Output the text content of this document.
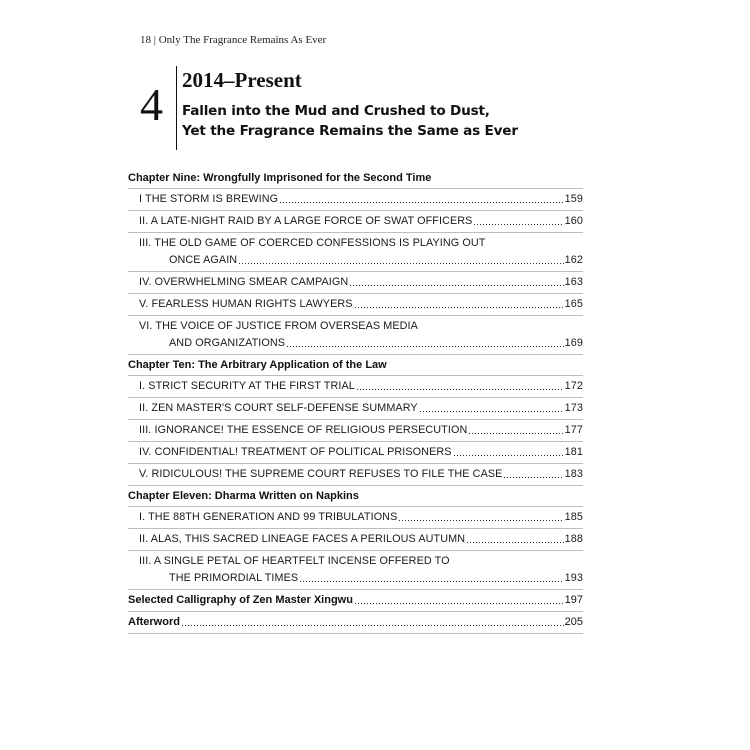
18 | Only The Fragrance Remains As Ever
4 2014–Present
Fallen into the Mud and Crushed to Dust,
Yet the Fragrance Remains the Same as Ever
Chapter Nine: Wrongfully Imprisoned for the Second Time
I THE STORM IS BREWING	159
II. A LATE-NIGHT RAID BY A LARGE FORCE OF SWAT OFFICERS	160
III. THE OLD GAME OF COERCED CONFESSIONS IS PLAYING OUT
ONCE AGAIN	162
IV. OVERWHELMING SMEAR CAMPAIGN	163
V. FEARLESS HUMAN RIGHTS LAWYERS	165
VI. THE VOICE OF JUSTICE FROM OVERSEAS MEDIA
AND ORGANIZATIONS	169
Chapter Ten: The Arbitrary Application of the Law
I. STRICT SECURITY AT THE FIRST TRIAL	172
II. ZEN MASTER'S COURT SELF-DEFENSE SUMMARY	173
III. IGNORANCE! THE ESSENCE OF RELIGIOUS PERSECUTION	177
IV. CONFIDENTIAL! TREATMENT OF POLITICAL PRISONERS	181
V. RIDICULOUS! THE SUPREME COURT REFUSES TO FILE THE CASE	183
Chapter Eleven: Dharma Written on Napkins
I. THE 88TH GENERATION AND 99 TRIBULATIONS	185
II. ALAS, THIS SACRED LINEAGE FACES A PERILOUS AUTUMN	188
III. A SINGLE PETAL OF HEARTFELT INCENSE OFFERED TO
THE PRIMORDIAL TIMES	193
Selected Calligraphy of Zen Master Xingwu	197
Afterword	205
